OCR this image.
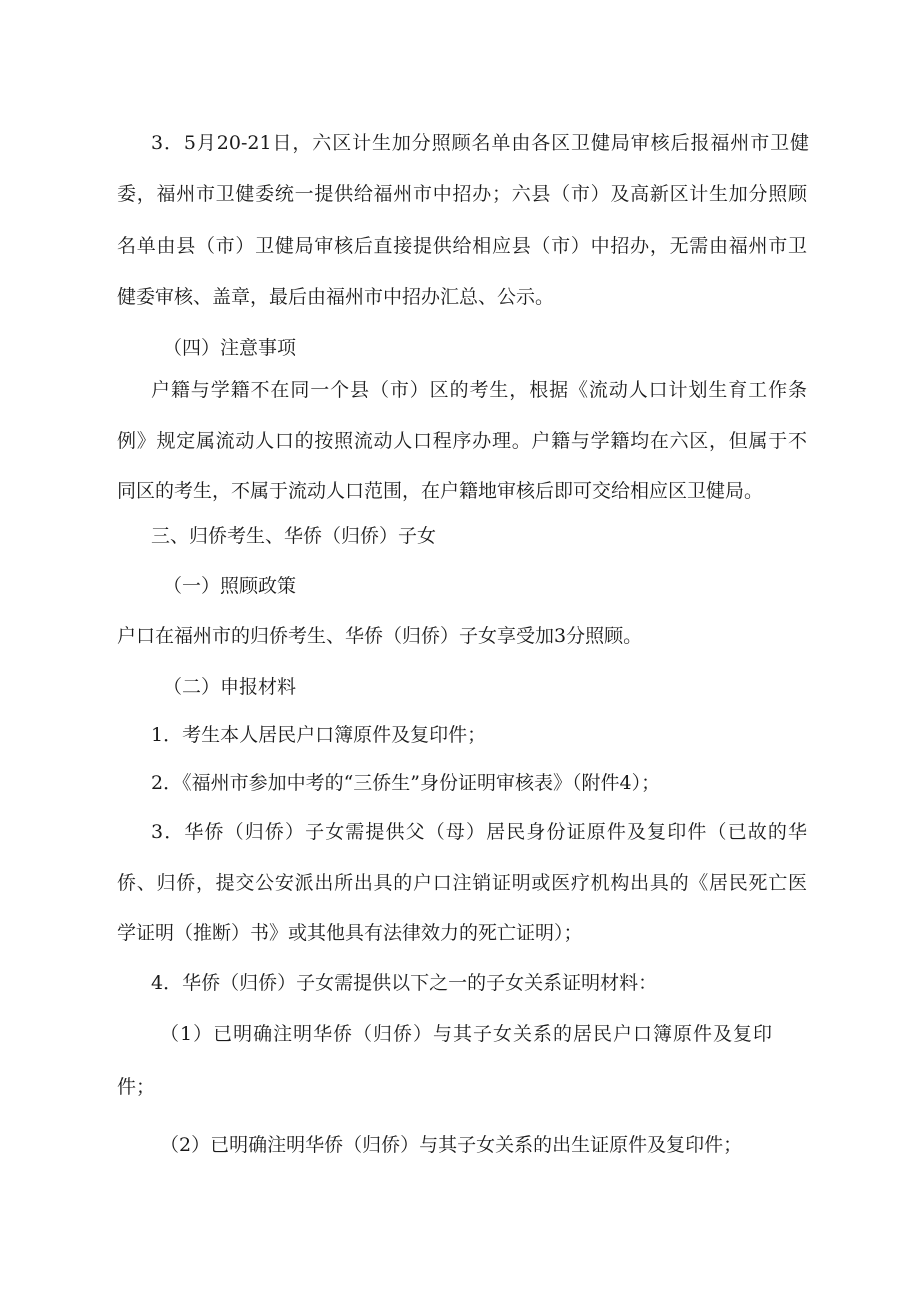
3．5月20-21日，六区计生加分照顾名单由各区卫健局审核后报福州市卫健
委，福州市卫健委统一提供给福州市中招办；六县（市）及高新区计生加分照顾
名单由县（市）卫健局审核后直接提供给相应县（市）中招办，无需由福州市卫
健委审核、盖章，最后由福州市中招办汇总、公示。
（四）注意事项
户籍与学籍不在同一个县（市）区的考生，根据《流动人口计划生育工作条
例》规定属流动人口的按照流动人口程序办理。户籍与学籍均在六区，但属于不
同区的考生，不属于流动人口范围，在户籍地审核后即可交给相应区卫健局。
三、归侨考生、华侨（归侨）子女
（一）照顾政策
户口在福州市的归侨考生、华侨（归侨）子女享受加3分照顾。
（二）申报材料
1．考生本人居民户口簿原件及复印件；
2．《福州市参加中考的“三侨生”身份证明审核表》（附件4）；
3．华侨（归侨）子女需提供父（母）居民身份证原件及复印件（已故的华
侨、归侨，提交公安派出所出具的户口注销证明或医疗机构出具的《居民死亡医
学证明（推断）书》或其他具有法律效力的死亡证明）；
4．华侨（归侨）子女需提供以下之一的子女关系证明材料：
（1）已明确注明华侨（归侨）与其子女关系的居民户口簿原件及复印
件；
（2）已明确注明华侨（归侨）与其子女关系的出生证原件及复印件；
